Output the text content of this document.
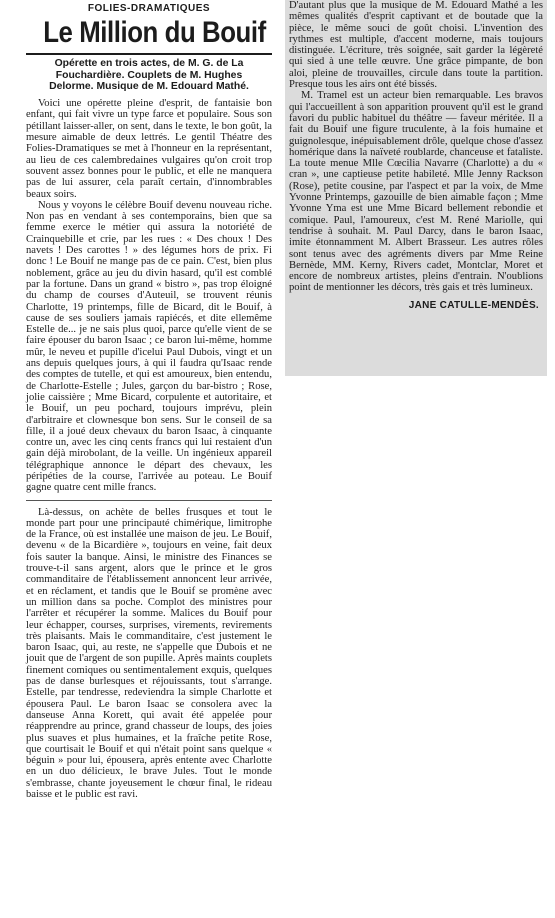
FOLIES-DRAMATIQUES
Le Million du Bouif
Opérette en trois actes, de M. G. de La Fouchardière. Couplets de M. Hughes Delorme. Musique de M. Edouard Mathé.

Voici une opérette pleine d'esprit, de fantaisie bon enfant, qui fait vivre un type farce et populaire. Sous son pétillant laisser-aller, on sent, dans le texte, le bon goût, la mesure aimable de deux lettrés. Le gentil Théatre des Folies-Dramatiques se met à l'honneur en la représentant, au lieu de ces calembredaines vulgaires qu'on croit trop souvent assez bonnes pour le public, et elle ne manquera pas de lui assurer, cela paraît certain, d'innombrables beaux soirs.

Nous y voyons le célèbre Bouif devenu nouveau riche. Non pas en vendant à ses contemporains, bien que sa femme exerce le métier qui assura la notoriété de Crainquebille et crie, par les rues : « Des choux ! Des navets ! Des carottes ! » des légumes hors de prix. Fi donc ! Le Bouif ne mange pas de ce pain. C'est, bien plus noblement, grâce au jeu du divin hasard, qu'il est comblé par la fortune. Dans un grand « bistro », pas trop éloigné du champ de courses d'Auteuil, se trouvent réunis Charlotte, 19 printemps, fille de Bicard, dit le Bouif, à cause de ses souliers jamais rapiécés, et dite ellemême Estelle de... je ne sais plus quoi, parce qu'elle vient de se faire épouser du baron Isaac ; ce baron lui-même, homme mûr, le neveu et pupille d'icelui Paul Dubois, vingt et un ans depuis quelques jours, à qui il faudra qu'Isaac rende des comptes de tutelle, et qui est amoureux, bien entendu, de Charlotte-Estelle ; Jules, garçon du bar-bistro ; Rose, jolie caissière ; Mme Bicard, corpulente et autoritaire, et le Bouif, un peu pochard, toujours imprévu, plein d'arbitraire et clownesque bon sens. Sur le conseil de sa fille, il a joué deux chevaux du baron Isaac, à cinquante contre un, avec les cinq cents francs qui lui restaient d'un gain déjà mirobolant, de la veille. Un ingénieux appareil télégraphique annonce le départ des chevaux, les péripéties de la course, l'arrivée au poteau. Le Bouif gagne quatre cent mille francs.

Là-dessus, on achète de belles frusques et tout le monde part pour une principauté chimérique, limitrophe de la France, où est installée une maison de jeu. Le Bouif, devenu « de la Bicardière », toujours en veine, fait deux fois sauter la banque. Ainsi, le ministre des Finances se trouve-t-il sans argent, alors que le prince et le gros commanditaire de l'établissement annoncent leur arrivée, et en réclament, et tandis que le Bouif se promène avec un million dans sa poche. Complot des ministres pour l'arrêter et récupérer la somme. Malices du Bouif pour leur échapper, courses, surprises, virements, revirements très plaisants. Mais le commanditaire, c'est justement le baron Isaac, qui, au reste, ne s'appelle que Dubois et ne jouit que de l'argent de son pupille. Après maints couplets finement comiques ou sentimentalement exquis, quelques pas de danse burlesques et réjouissants, tout s'arrange. Estelle, par tendresse, redeviendra la simple Charlotte et épousera Paul. Le baron Isaac se consolera avec la danseuse Anna Korett, qui avait été appelée pour réapprendre au prince, grand chasseur de loups, des joies plus suaves et plus humaines, et la fraîche petite Rose, que courtisait le Bouif et qui n'était point sans quelque « béguin » pour lui, épousera, après entente avec Charlotte en un duo délicieux, le brave Jules. Tout le monde s'embrasse, chante joyeusement le chœur final, le rideau baisse et le public est ravi.

D'autant plus que la musique de M. Edouard Mathé a les mêmes qualités d'esprit captivant et de boutade que la pièce, le même souci de goût choisi. L'invention des rythmes est multiple, d'accent moderne, mais toujours distinguée. L'écriture, très soignée, sait garder la légèreté qui sied à une telle œuvre. Une grâce pimpante, de bon aloi, pleine de trouvailles, circule dans toute la partition. Presque tous les airs ont été bissés.

M. Tramel est un acteur bien remarquable. Les bravos qui l'accueillent à son apparition prouvent qu'il est le grand favori du public habituel du théâtre — faveur méritée. Il a fait du Bouif une figure truculente, à la fois humaine et guignolesque, inépuisablement drôle, quelque chose d'assez homérique dans la naïveté roublarde, chanceuse et fataliste. La toute menue Mlle Cœcilia Navarre (Charlotte) a du « cran », une captieuse petite habileté. Mlle Jenny Rackson (Rose), petite cousine, par l'aspect et par la voix, de Mme Yvonne Printemps, gazouille de bien aimable façon ; Mme Yvonne Yma est une Mme Bicard bellement rebondie et comique. Paul, l'amoureux, c'est M. René Mariolle, qui tendrise à souhait. M. Paul Darcy, dans le baron Isaac, imite étonnamment M. Albert Brasseur. Les autres rôles sont tenus avec des agréments divers par Mme Reine Bernède, MM. Kerny, Rivers cadet, Montclar, Moret et encore de nombreux artistes, pleins d'entrain. N'oublions point de mentionner les décors, très gais et très lumineux.

JANE CATULLE-MENDÈS.
